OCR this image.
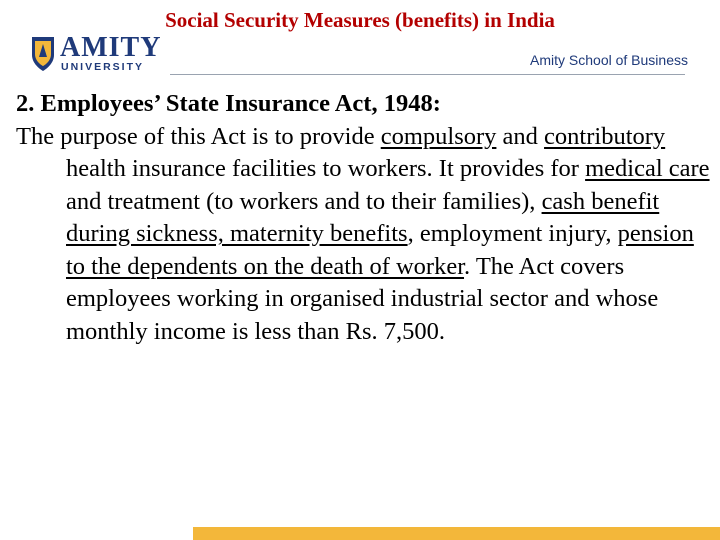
Social Security Measures (benefits) in India
AMITY
UNIVERSITY	Amity School of Business

2. Employees’ State Insurance Act, 1948:

The purpose of this Act is to provide compulsory and contributory health insurance facilities to workers. It provides for medical care and treatment (to workers and to their families), cash benefit during sickness, maternity benefits, employment injury, pension to the dependents on the death of worker. The Act covers employees working in organised industrial sector and whose monthly income is less than Rs. 7,500.
